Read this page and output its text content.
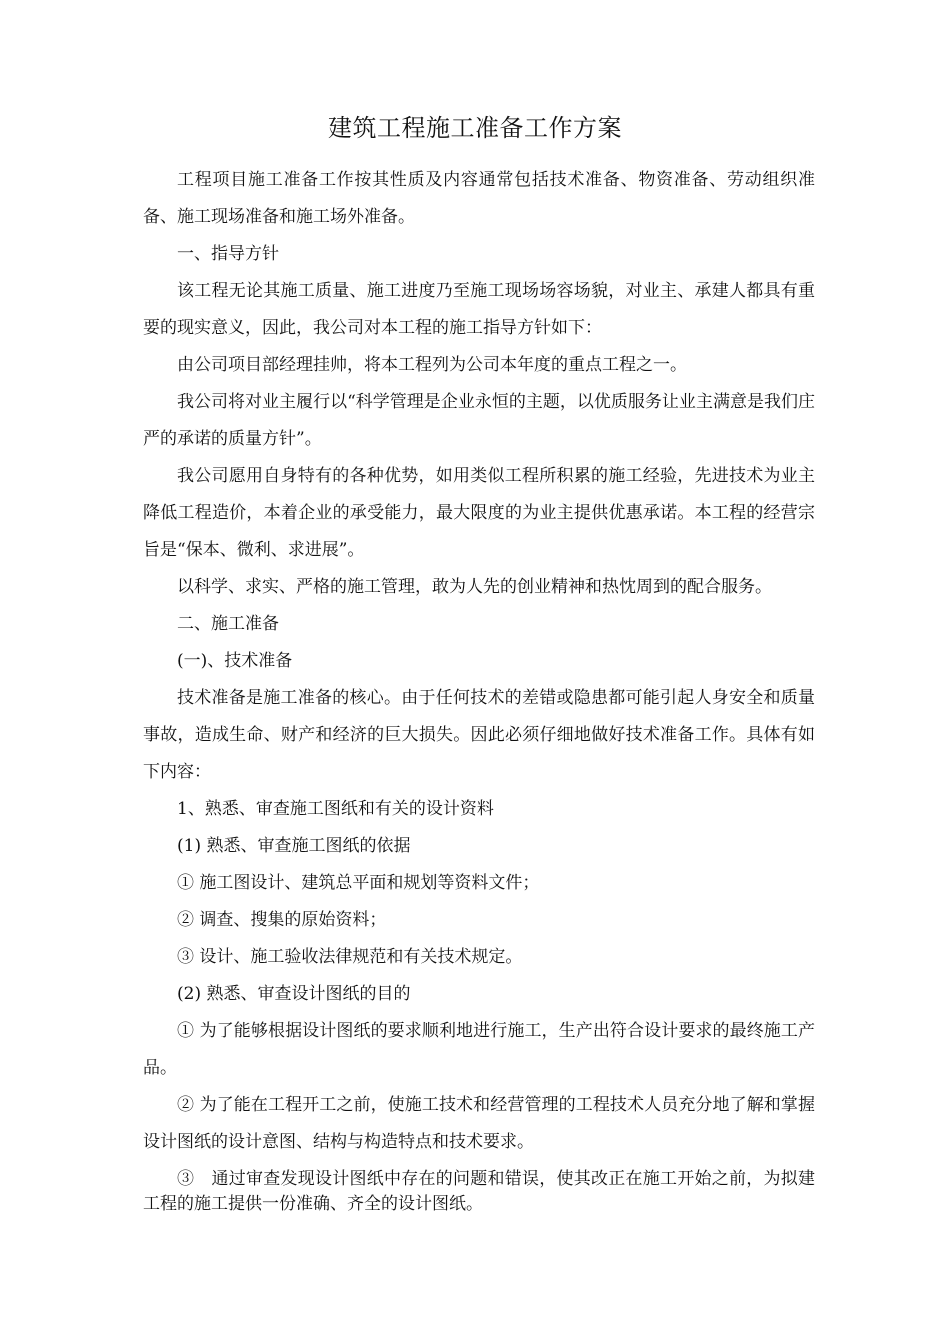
建筑工程施工准备工作方案

工程项目施工准备工作按其性质及内容通常包括技术准备、物资准备、劳动组织准备、施工现场准备和施工场外准备。

一、指导方针

该工程无论其施工质量、施工进度乃至施工现场场容场貌，对业主、承建人都具有重要的现实意义，因此，我公司对本工程的施工指导方针如下：

由公司项目部经理挂帅，将本工程列为公司本年度的重点工程之一。

我公司将对业主履行以“科学管理是企业永恒的主题，以优质服务让业主满意是我们庄严的承诺的质量方针”。

我公司愿用自身特有的各种优势，如用类似工程所积累的施工经验，先进技术为业主降低工程造价，本着企业的承受能力，最大限度的为业主提供优惠承诺。本工程的经营宗旨是“保本、微利、求进展”。

以科学、求实、严格的施工管理，敢为人先的创业精神和热忱周到的配合服务。

二、施工准备

(一)、技术准备

技术准备是施工准备的核心。由于任何技术的差错或隐患都可能引起人身安全和质量事故，造成生命、财产和经济的巨大损失。因此必须仔细地做好技术准备工作。具体有如下内容：

1、熟悉、审查施工图纸和有关的设计资料

(1) 熟悉、审查施工图纸的依据

① 施工图设计、建筑总平面和规划等资料文件；

② 调查、搜集的原始资料；

③ 设计、施工验收法律规范和有关技术规定。

(2) 熟悉、审查设计图纸的目的

① 为了能够根据设计图纸的要求顺利地进行施工，生产出符合设计要求的最终施工产品。

② 为了能在工程开工之前，使施工技术和经营管理的工程技术人员充分地了解和掌握设计图纸的设计意图、结构与构造特点和技术要求。

③　通过审查发现设计图纸中存在的问题和错误，使其改正在施工开始之前，为拟建工程的施工提供一份准确、齐全的设计图纸。
